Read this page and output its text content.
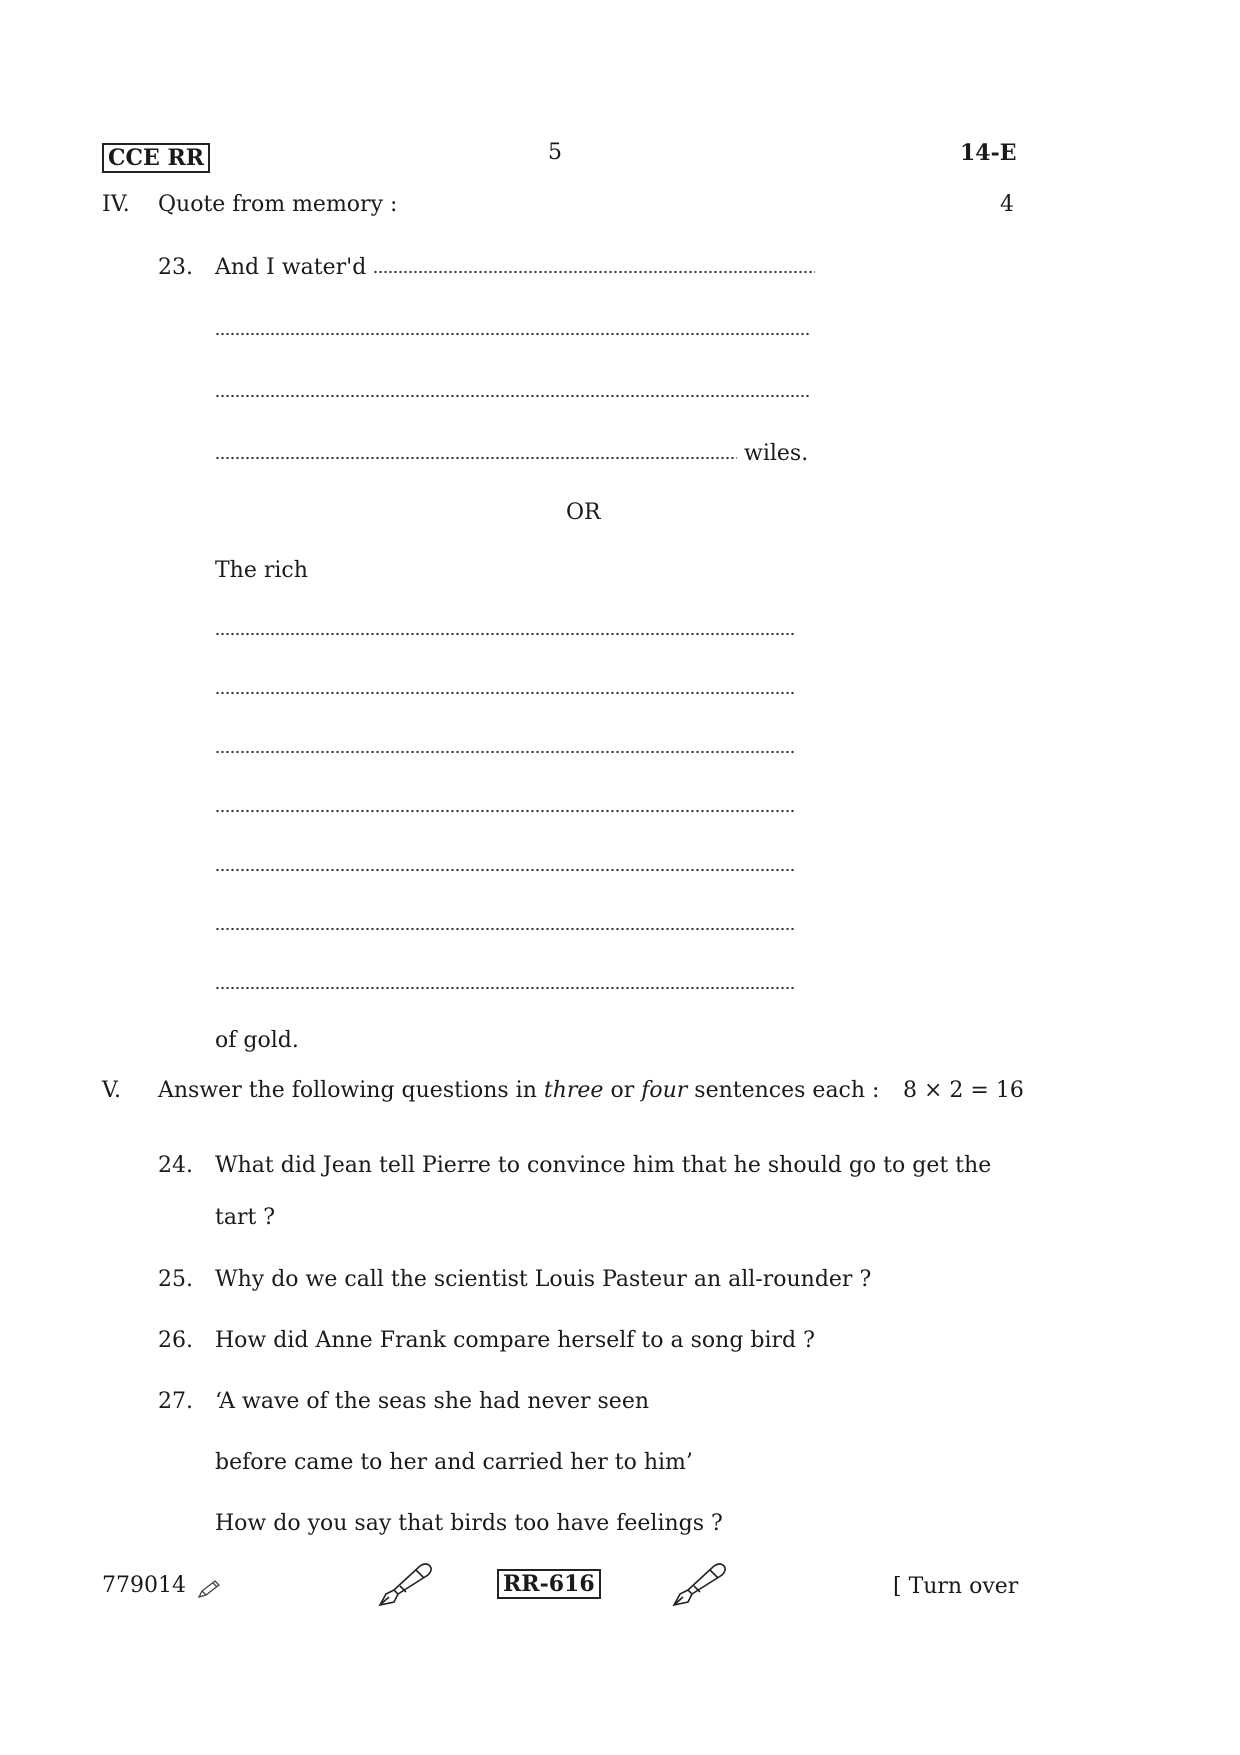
CCE RR	5	14-E
IV. Quote from memory :	4
23. And I water'd
wiles.
OR
The rich
of gold.
V. Answer the following questions in three or four sentences each : 8 × 2 = 16
24. What did Jean tell Pierre to convince him that he should go to get the
tart ?
25. Why do we call the scientist Louis Pasteur an all-rounder ?
26. How did Anne Frank compare herself to a song bird ?
27. ‘A wave of the seas she had never seen
before came to her and carried her to him’
How do you say that birds too have feelings ?
779014	RR-616	[ Turn over
